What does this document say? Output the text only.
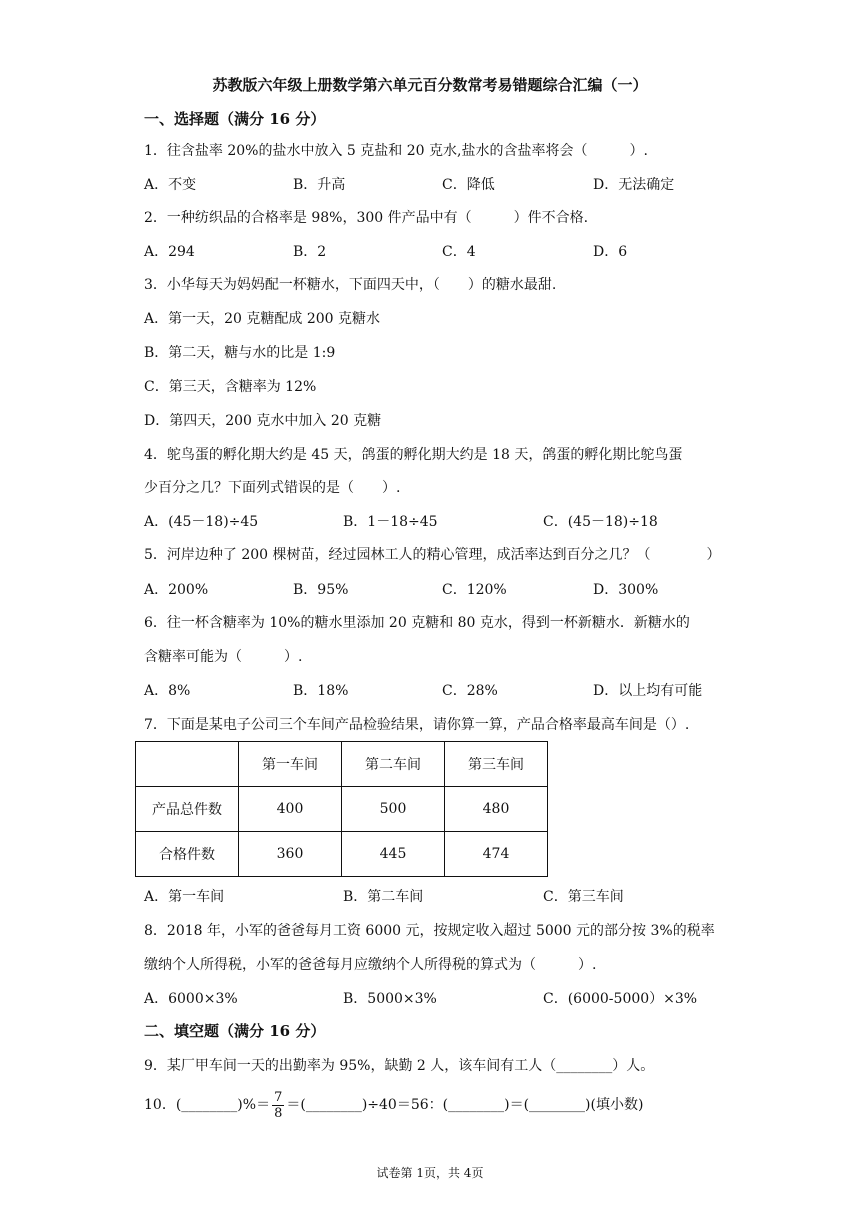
苏教版六年级上册数学第六单元百分数常考易错题综合汇编（一）
一、选择题（满分 16 分）
1．往含盐率 20%的盐水中放入 5 克盐和 20 克水,盐水的含盐率将会（　　　）.
A．不变	B．升高	C．降低	D．无法确定
2．一种纺织品的合格率是 98%，300 件产品中有（　　　）件不合格.
A．294	B．2	C．4	D．6
3．小华每天为妈妈配一杯糖水，下面四天中，（　　）的糖水最甜.
A．第一天，20 克糖配成 200 克糖水
B．第二天，糖与水的比是 1:9
C．第三天，含糖率为 12%
D．第四天，200 克水中加入 20 克糖
4．鸵鸟蛋的孵化期大约是 45 天，鸽蛋的孵化期大约是 18 天，鸽蛋的孵化期比鸵鸟蛋
少百分之几？下面列式错误的是（　　）.
A．(45－18)÷45	B．1－18÷45	C．(45－18)÷18
5．河岸边种了 200 棵树苗，经过园林工人的精心管理，成活率达到百分之几？（　　　　）
A．200%	B．95%	C．120%	D．300%
6．往一杯含糖率为 10%的糖水里添加 20 克糖和 80 克水，得到一杯新糖水．新糖水的
含糖率可能为（　　　）.
A．8%	B．18%	C．28%	D．以上均有可能
7．下面是某电子公司三个车间产品检验结果，请你算一算，产品合格率最高车间是（）.
	第一车间	第二车间	第三车间
产品总件数	400	500	480
合格件数	360	445	474
A．第一车间	B．第二车间	C．第三车间
8．2018 年，小军的爸爸每月工资 6000 元，按规定收入超过 5000 元的部分按 3%的税率
缴纳个人所得税，小军的爸爸每月应缴纳个人所得税的算式为（　　　）.
A．6000×3%	B．5000×3%	C．(6000-5000）×3%
二、填空题（满分 16 分）
9．某厂甲车间一天的出勤率为 95%，缺勤 2 人，该车间有工人（________）人。
10． (________) %＝ $\frac{7}{8}$ ＝ (________) ÷40＝56： (________) ＝ (________) (填小数)
试卷第 1页，共 4页
